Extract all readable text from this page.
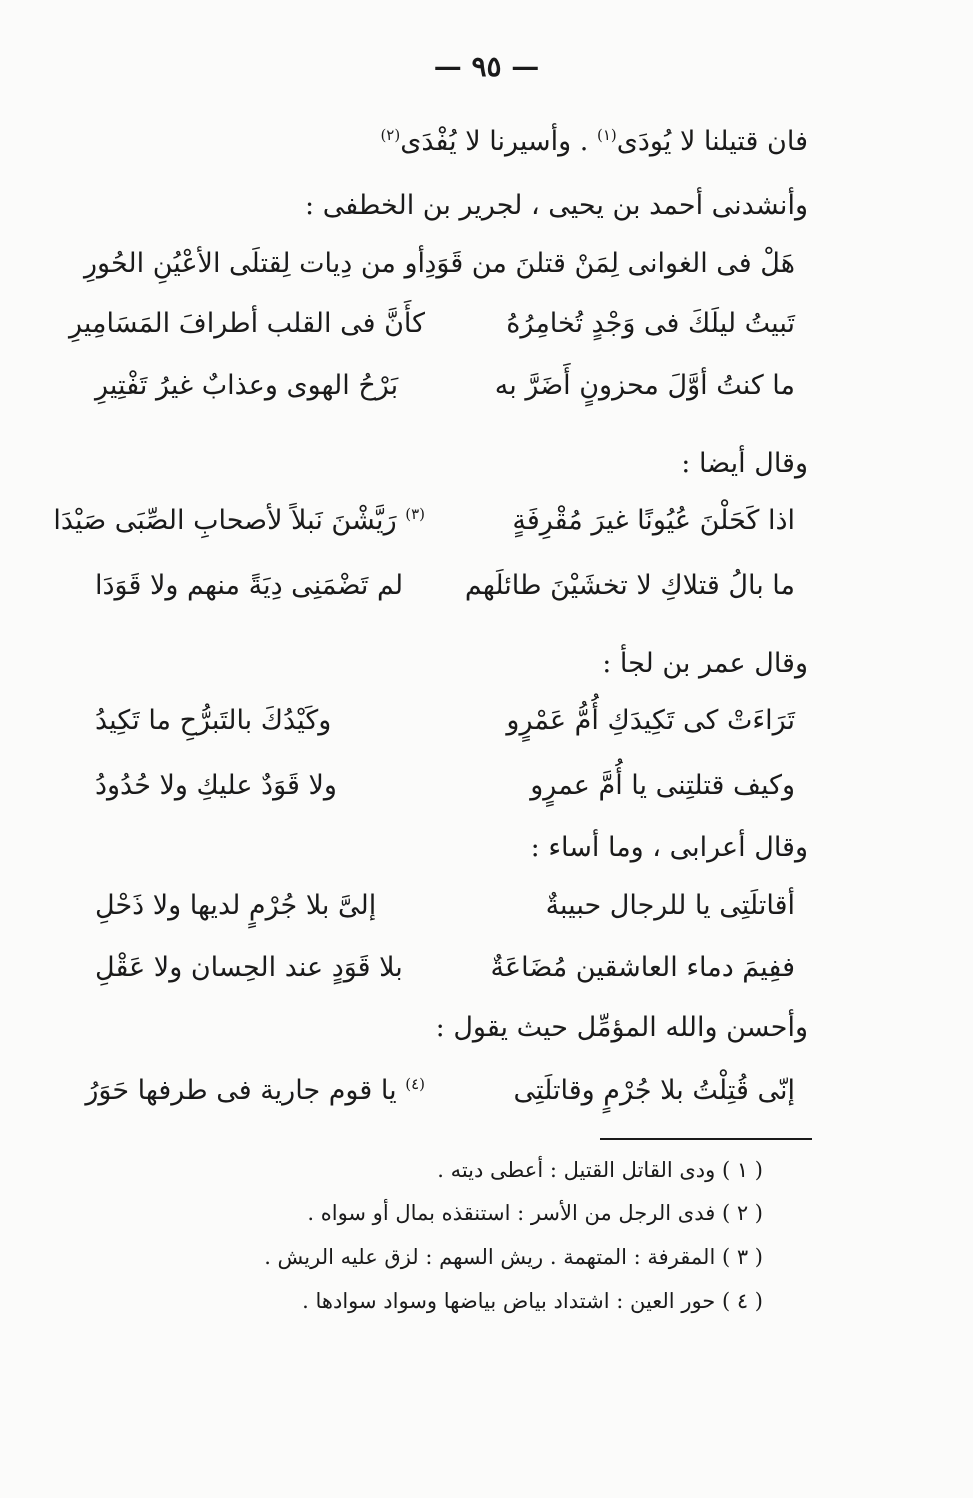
— ٩٥ —
فان قتيلنا لا يُودَى$^{(١)}$ . وأسيرنا لا يُفْدَى$^{(٢)}$
وأنشدنى أحمد بن يحيى ، لجرير بن الخطفى :
هَلْ فى الغوانى لِمَنْ قتلنَ من قَوَدِ
أو من دِيات لِقتلَى الأعْيُنِ الحُورِ
تَبيتُ ليلَكَ فى وَجْدٍ تُخامِرُهُ
كأَنَّ فى القلب أطرافَ المَسَامِيرِ
ما كنتُ أوَّلَ محزونٍ أَضَرَّ به
بَرْحُ الهوى وعذابٌ غيرُ تَفْتِيرِ
وقال أيضا :
اذا كَحَلْنَ عُيُونًا غيرَ مُقْرِفَةٍ
$^{(٣)}$ رَيَّشْنَ نَبلاً لأصحابِ الصِّبَى صَيْدَا
ما بالُ قتلاكِ لا تخشَيْنَ طائلَهم
لم تَضْمَنِى دِيَةً منهم ولا قَوَدَا
وقال عمر بن لجأ :
تَرَاءَتْ كى تَكِيدَكِ أُمُّ عَمْرٍو
وكَيْدُكَ بالتَبرُّحِ ما تَكِيدُ
وكيف قتلتِنى يا أُمَّ عمرٍو
ولا قَوَدٌ عليكِ ولا حُدُودُ
وقال أعرابى ، وما أساء :
أقاتلَتِى يا للرجال حبيبةٌ
إلىَّ بلا جُرْمٍ لديها ولا ذَحْلِ
ففِيمَ دماء العاشقين مُضَاعَةٌ
بلا قَوَدٍ عند الحِسان ولا عَقْلِ
وأحسن والله المؤمِّل حيث يقول :
إنّى قُتِلْتُ بلا جُرْمٍ وقاتلَتِى
$^{(٤)}$ يا قوم جارية فى طرفها حَوَرُ
( ١ ) ودى القاتل القتيل : أعطى ديته .
( ٢ ) فدى الرجل من الأسر : استنقذه بمال أو سواه .
( ٣ ) المقرفة : المتهمة . ريش السهم : لزق عليه الريش .
( ٤ ) حور العين : اشتداد بياض بياضها وسواد سوادها .
